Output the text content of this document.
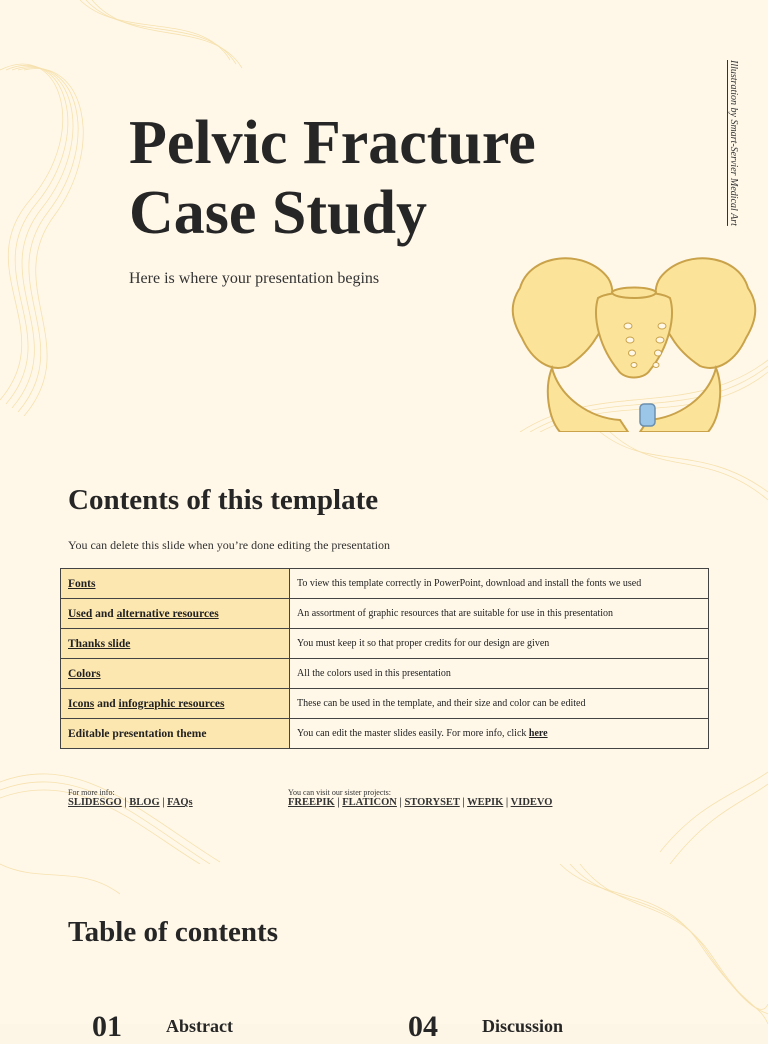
Pelvic Fracture
Case Study
Here is where your presentation begins
Illustration by Smart-Servier Medical Art
Contents of this template
You can delete this slide when you’re done editing the presentation
Fonts	To view this template correctly in PowerPoint, download and install the fonts we used
Used and alternative resources	An assortment of graphic resources that are suitable for use in this presentation
Thanks slide	You must keep it so that proper credits for our design are given
Colors	All the colors used in this presentation
Icons and infographic resources	These can be used in the template, and their size and color can be edited
Editable presentation theme	You can edit the master slides easily. For more info, click here
For more info:
SLIDESGO | BLOG | FAQs
You can visit our sister projects:
FREEPIK | FLATICON | STORYSET | WEPIK | VIDEVO
Table of contents
01 Abstract	04 Discussion
